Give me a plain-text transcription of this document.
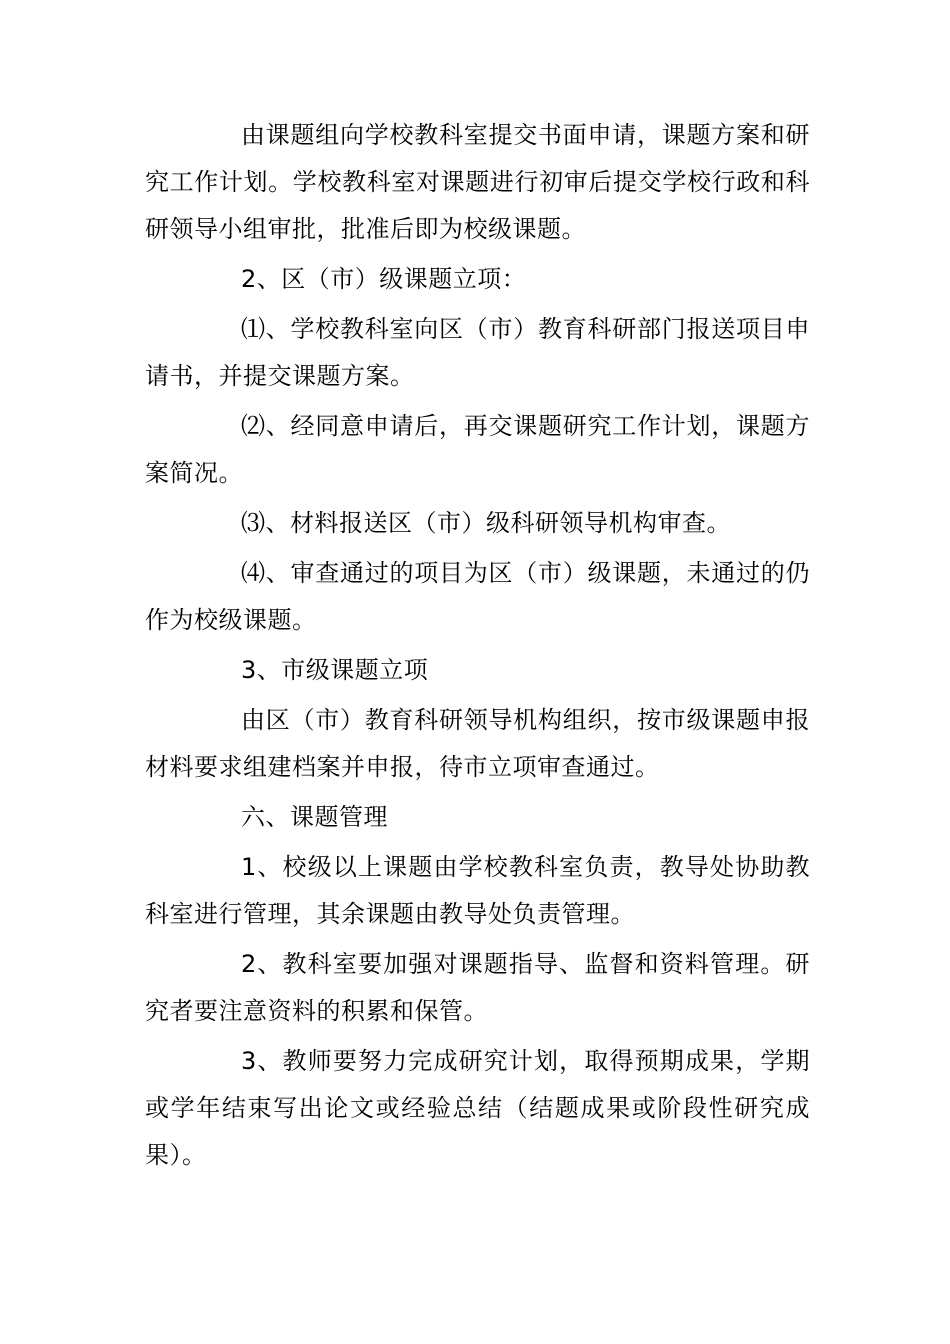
由课题组向学校教科室提交书面申请，课题方案和研究工作计划。学校教科室对课题进行初审后提交学校行政和科研领导小组审批，批准后即为校级课题。

2、区（市）级课题立项：

⑴、学校教科室向区（市）教育科研部门报送项目申请书，并提交课题方案。

⑵、经同意申请后，再交课题研究工作计划，课题方案简况。

⑶、材料报送区（市）级科研领导机构审查。

⑷、审查通过的项目为区（市）级课题，未通过的仍作为校级课题。

3、市级课题立项

由区（市）教育科研领导机构组织，按市级课题申报材料要求组建档案并申报，待市立项审查通过。

六、课题管理

1、校级以上课题由学校教科室负责，教导处协助教科室进行管理，其余课题由教导处负责管理。

2、教科室要加强对课题指导、监督和资料管理。研究者要注意资料的积累和保管。

3、教师要努力完成研究计划，取得预期成果，学期或学年结束写出论文或经验总结（结题成果或阶段性研究成果）。
